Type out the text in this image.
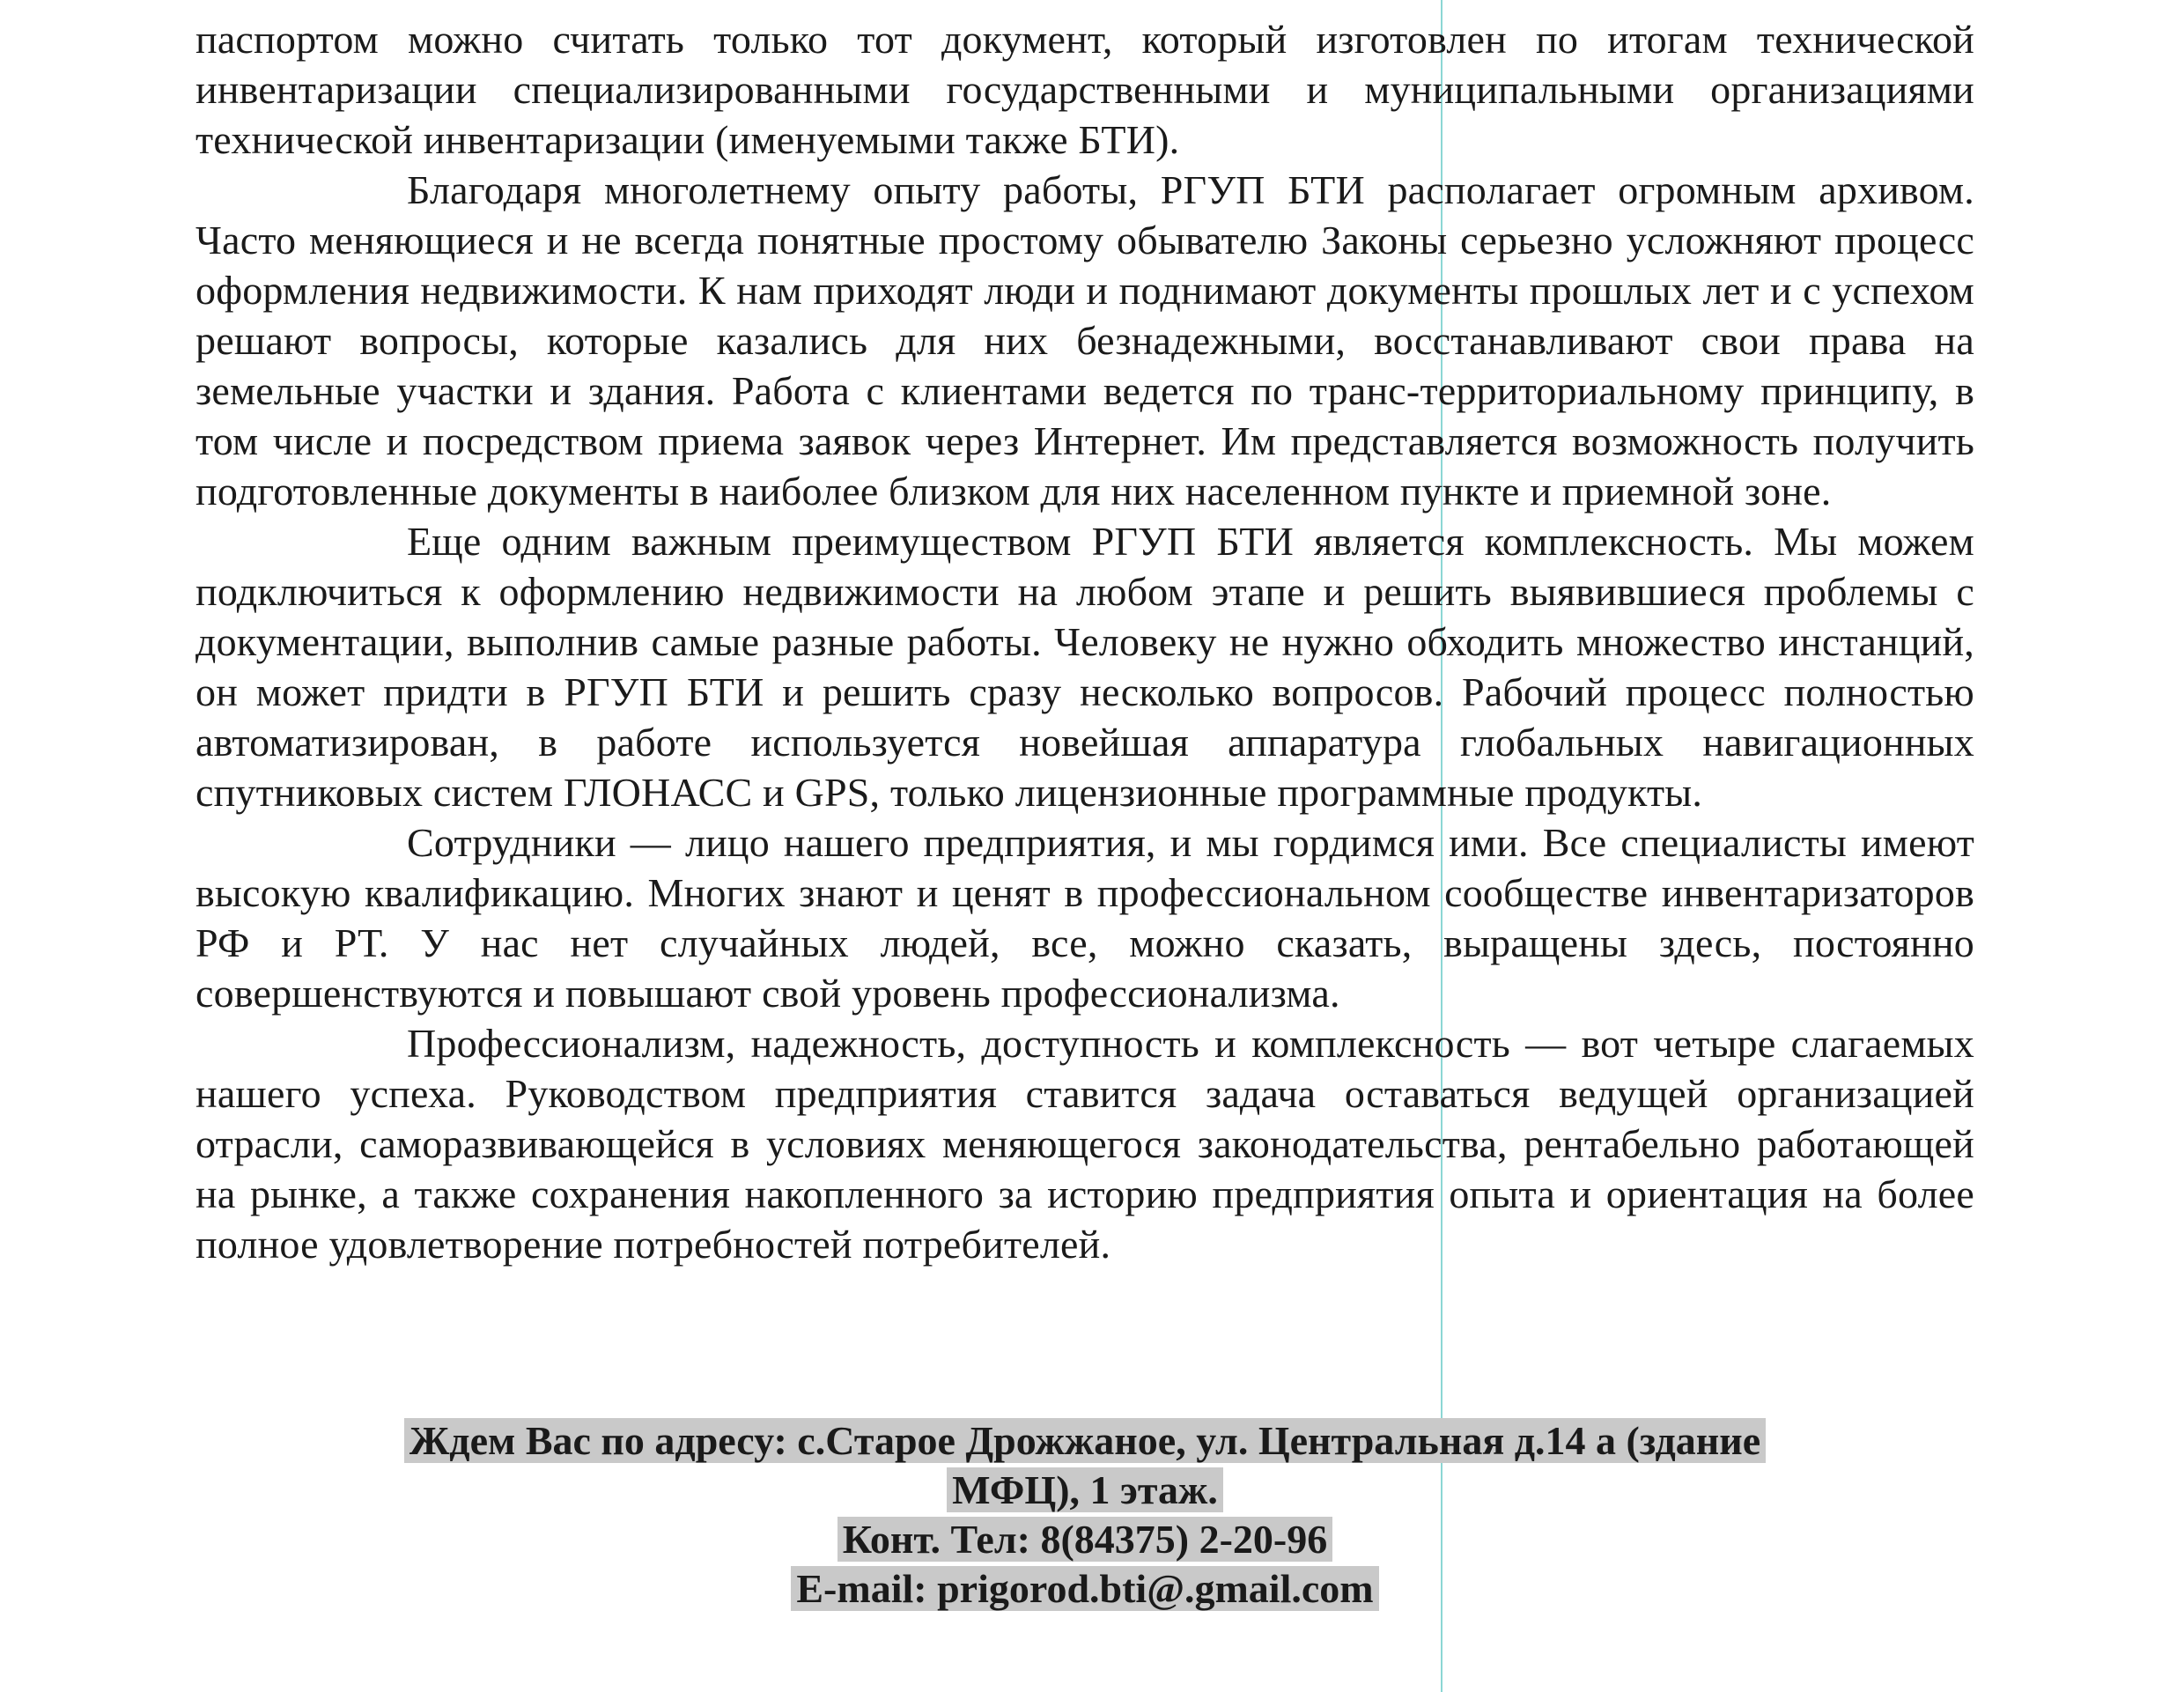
паспортом можно считать только тот документ, который изготовлен по итогам технической инвентаризации специализированными государственными и муниципальными организациями технической инвентаризации (именуемыми также БТИ).

Благодаря многолетнему опыту работы, РГУП БТИ располагает огромным архивом. Часто меняющиеся и не всегда понятные простому обывателю Законы серьезно усложняют процесс оформления недвижимости. К нам приходят люди и поднимают документы прошлых лет и с успехом решают вопросы, которые казались для них безнадежными, восстанавливают свои права на земельные участки и здания. Работа с клиентами ведется по транс-территориальному принципу, в том числе и посредством приема заявок через Интернет. Им представляется возможность получить подготовленные документы в наиболее близком для них населенном пункте и приемной зоне.

Еще одним важным преимуществом РГУП БТИ является комплексность. Мы можем подключиться к оформлению недвижимости на любом этапе и решить выявившиеся проблемы с документации, выполнив самые разные работы. Человеку не нужно обходить множество инстанций, он может придти в РГУП БТИ и решить сразу несколько вопросов. Рабочий процесс полностью автоматизирован, в работе используется новейшая аппаратура глобальных навигационных спутниковых систем ГЛОНАСС и GPS, только лицензионные программные продукты.

Сотрудники — лицо нашего предприятия, и мы гордимся ими. Все специалисты имеют высокую квалификацию. Многих знают и ценят в профессиональном сообществе инвентаризаторов РФ и РТ. У нас нет случайных людей, все, можно сказать, выращены здесь, постоянно совершенствуются и повышают свой уровень профессионализма.

Профессионализм, надежность, доступность и комплексность — вот четыре слагаемых нашего успеха. Руководством предприятия ставится задача оставаться ведущей организацией отрасли, саморазвивающейся в условиях меняющегося законодательства, рентабельно работающей на рынке, а также сохранения накопленного за историю предприятия опыта и ориентация на более полное удовлетворение потребностей потребителей.

Ждем Вас по адресу: с.Старое Дрожжаное, ул. Центральная д.14 а (здание
МФЦ), 1 этаж.
Конт. Тел: 8(84375) 2-20-96
E-mail: prigorod.bti@.gmail.com
